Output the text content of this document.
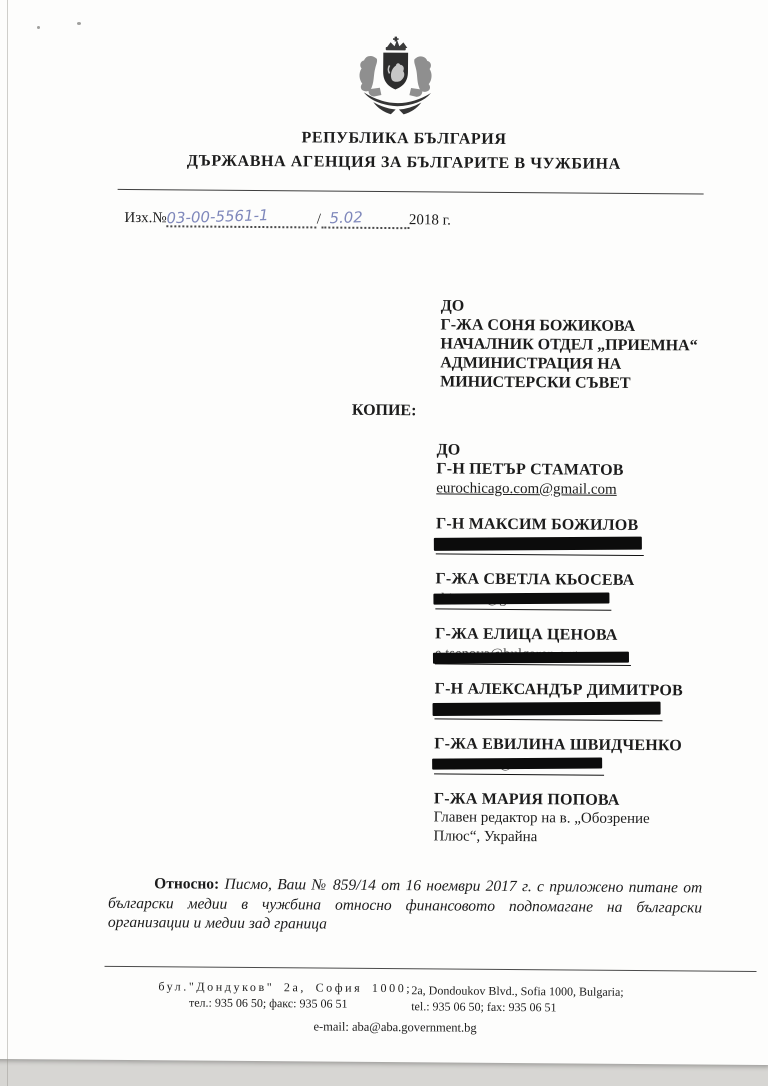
РЕПУБЛИКА БЪЛГАРИЯ
ДЪРЖАВНА АГЕНЦИЯ ЗА БЪЛГАРИТЕ В ЧУЖБИНА
Изх.№03-00-5561-1	/ 5.02	2018 г.
ДО
Г-ЖА СОНЯ БОЖИКОВА
НАЧАЛНИК ОТДЕЛ „ПРИЕМНА“
АДМИНИСТРАЦИЯ НА
МИНИСТЕРСКИ СЪВЕТ
КОПИЕ:
ДО
Г-Н ПЕТЪР СТАМАТОВ
eurochicago.com@gmail.com
Г-Н МАКСИМ БОЖИЛОВ
Г-ЖА СВЕТЛА КЬОСЕВА
Г-ЖА ЕЛИЦА ЦЕНОВА
Г-Н АЛЕКСАНДЪР ДИМИТРОВ
Г-ЖА ЕВИЛИНА ШВИДЧЕНКО
Г-ЖА МАРИЯ ПОПОВА
Главен редактор на в. „Обозрение
Плюс“, Украйна

Относно: Писмо, Ваш № 859/14 от 16 ноември 2017 г. с приложено питане от български медии в чужбина относно финансовото подпомагане на български организации и медии зад граница

бул."Дондуков" 2а, София 1000;
тел.: 935 06 50; факс: 935 06 51
2a, Dondoukov Blvd., Sofia 1000, Bulgaria;
tel.: 935 06 50; fax: 935 06 51
e-mail: aba@aba.government.bg
